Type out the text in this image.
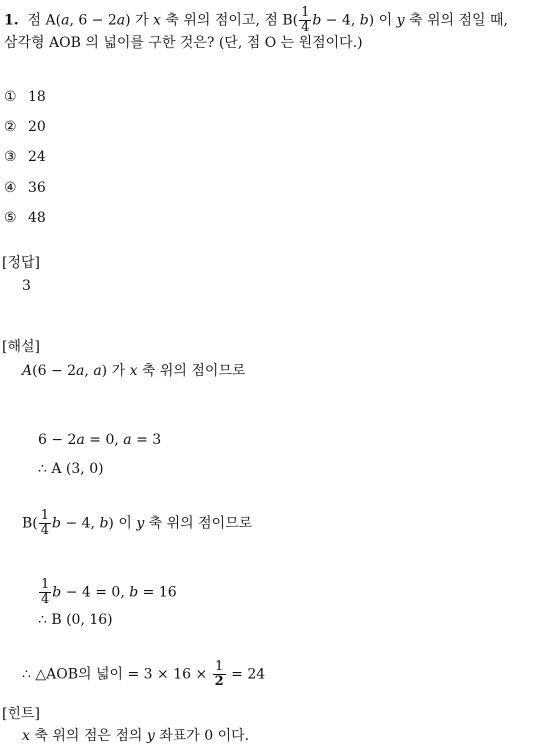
1. 점 A(a, 6 − 2a) 가 x 축 위의 점이고, 점 $B( \frac{1}{4}$ b − 4, b) 이 y 축 위의 점일 때,
삼각형 AOB 의 넓이를 구한 것은? (단, 점 O 는 원점이다.)
① 18
② 20
③ 24
④ 36
⑤ 48
[정답]
3
[해설]
A(6 − 2a, a) 가 x 축 위의 점이므로
6 − 2a = 0, a = 3
∴ A (3, 0)
$B( \frac{1}{4}$ b − 4, b) 이 y 축 위의 점이므로
$\frac{1}{4}$ b − 4 = 0, b = 16
∴ B (0, 16)
∴ △AOB의 넓이 = $3 \times 16 \times \frac{1}{2} = 24$
[힌트]
x 축 위의 점은 점의 y 좌표가 0 이다.
